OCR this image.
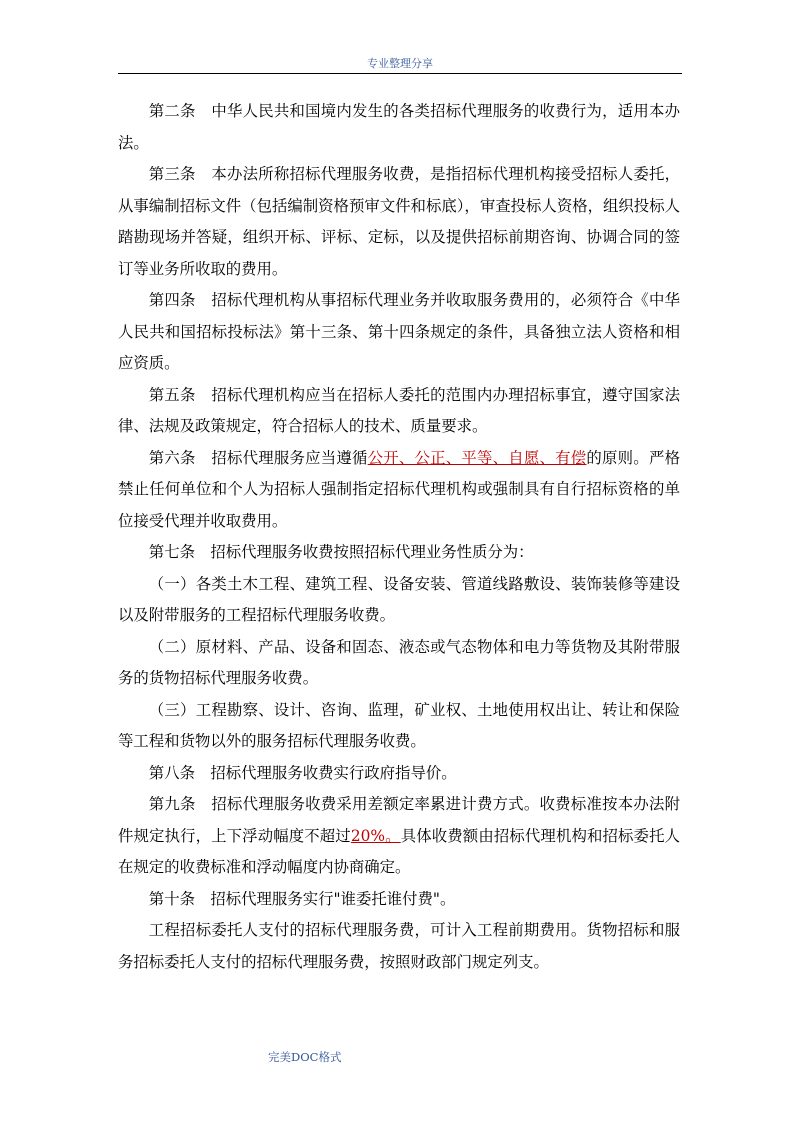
专业整理分享

第二条　中华人民共和国境内发生的各类招标代理服务的收费行为，适用本办法。

第三条　本办法所称招标代理服务收费，是指招标代理机构接受招标人委托，从事编制招标文件（包括编制资格预审文件和标底），审查投标人资格，组织投标人踏勘现场并答疑，组织开标、评标、定标，以及提供招标前期咨询、协调合同的签订等业务所收取的费用。

第四条　招标代理机构从事招标代理业务并收取服务费用的，必须符合《中华人民共和国招标投标法》第十三条、第十四条规定的条件，具备独立法人资格和相应资质。

第五条　招标代理机构应当在招标人委托的范围内办理招标事宜，遵守国家法律、法规及政策规定，符合招标人的技术、质量要求。

第六条　招标代理服务应当遵循公开、公正、平等、自愿、有偿的原则。严格禁止任何单位和个人为招标人强制指定招标代理机构或强制具有自行招标资格的单位接受代理并收取费用。

第七条　招标代理服务收费按照招标代理业务性质分为：

（一）各类土木工程、建筑工程、设备安装、管道线路敷设、装饰装修等建设以及附带服务的工程招标代理服务收费。

（二）原材料、产品、设备和固态、液态或气态物体和电力等货物及其附带服务的货物招标代理服务收费。

（三）工程勘察、设计、咨询、监理，矿业权、土地使用权出让、转让和保险等工程和货物以外的服务招标代理服务收费。

第八条　招标代理服务收费实行政府指导价。

第九条　招标代理服务收费采用差额定率累进计费方式。收费标准按本办法附件规定执行，上下浮动幅度不超过20%。具体收费额由招标代理机构和招标委托人在规定的收费标准和浮动幅度内协商确定。

第十条　招标代理服务实行"谁委托谁付费"。

工程招标委托人支付的招标代理服务费，可计入工程前期费用。货物招标和服务招标委托人支付的招标代理服务费，按照财政部门规定列支。

完美DOC格式
